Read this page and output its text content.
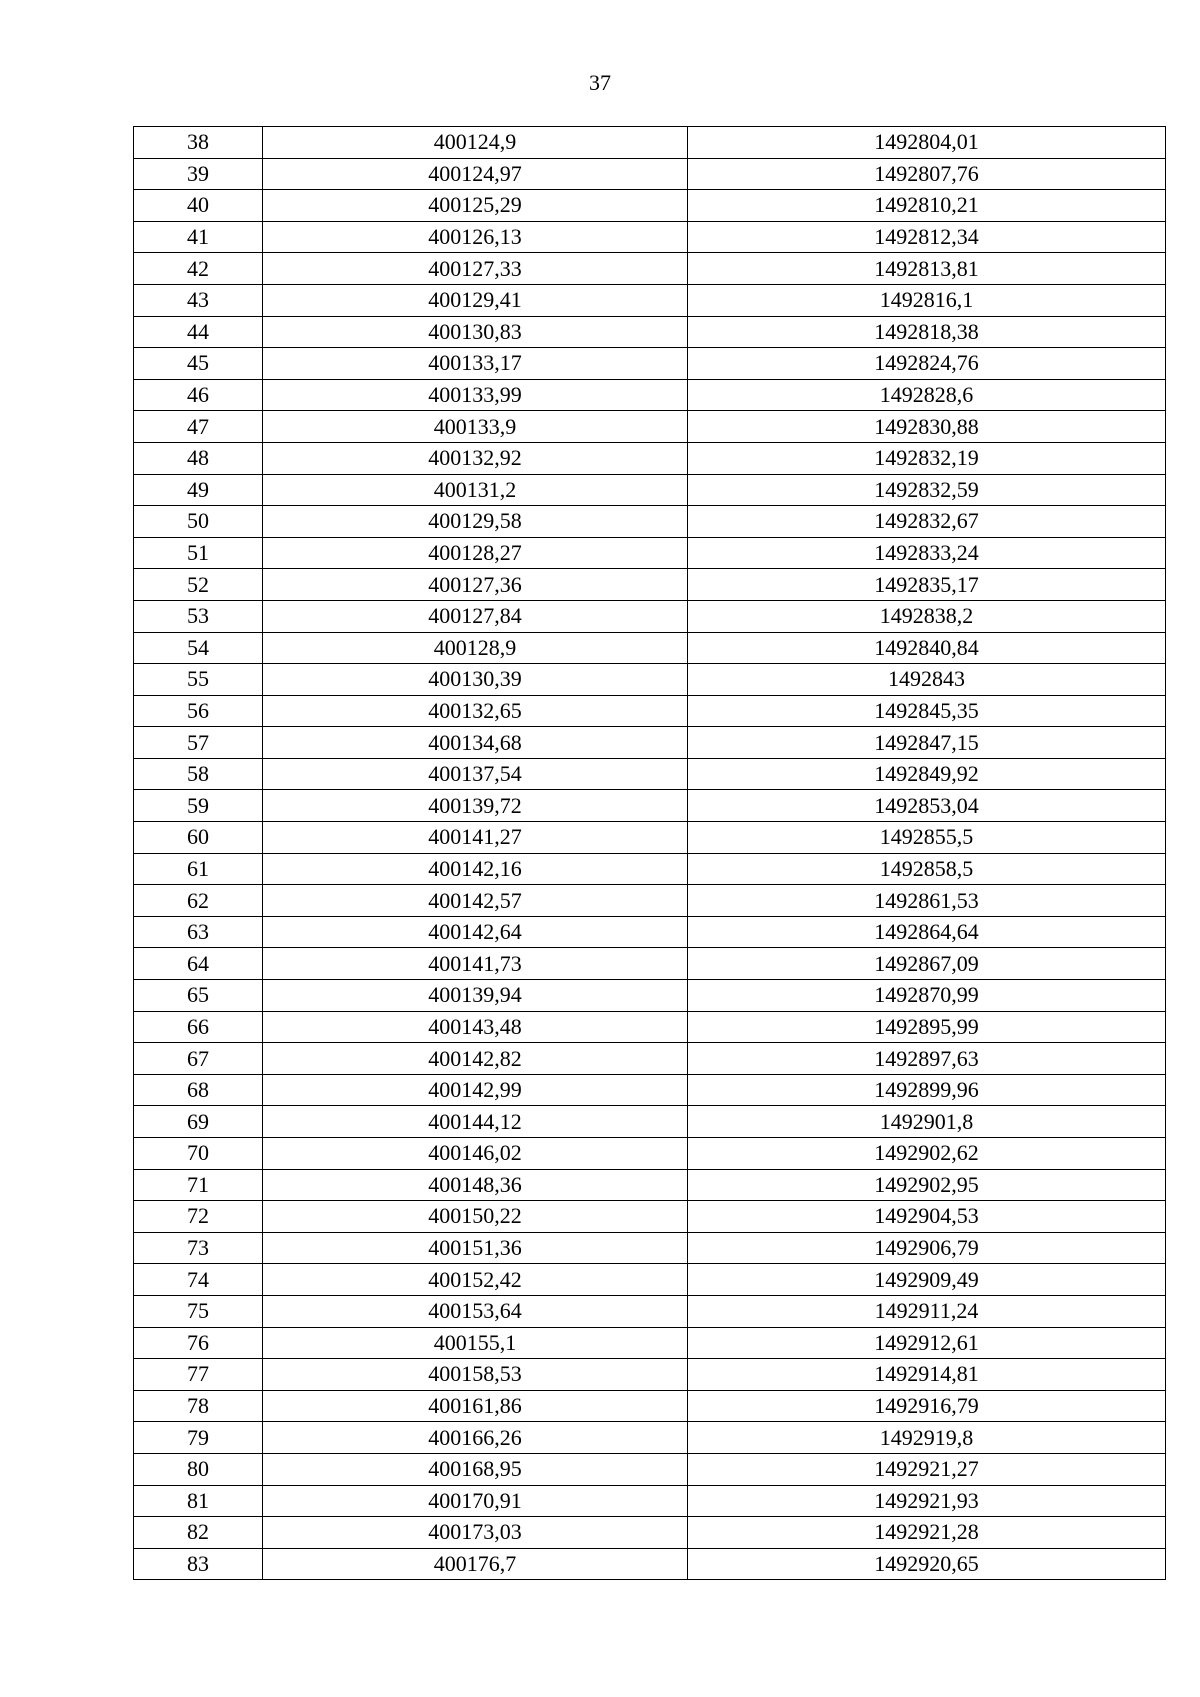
37
38	400124,9	1492804,01
39	400124,97	1492807,76
40	400125,29	1492810,21
41	400126,13	1492812,34
42	400127,33	1492813,81
43	400129,41	1492816,1
44	400130,83	1492818,38
45	400133,17	1492824,76
46	400133,99	1492828,6
47	400133,9	1492830,88
48	400132,92	1492832,19
49	400131,2	1492832,59
50	400129,58	1492832,67
51	400128,27	1492833,24
52	400127,36	1492835,17
53	400127,84	1492838,2
54	400128,9	1492840,84
55	400130,39	1492843
56	400132,65	1492845,35
57	400134,68	1492847,15
58	400137,54	1492849,92
59	400139,72	1492853,04
60	400141,27	1492855,5
61	400142,16	1492858,5
62	400142,57	1492861,53
63	400142,64	1492864,64
64	400141,73	1492867,09
65	400139,94	1492870,99
66	400143,48	1492895,99
67	400142,82	1492897,63
68	400142,99	1492899,96
69	400144,12	1492901,8
70	400146,02	1492902,62
71	400148,36	1492902,95
72	400150,22	1492904,53
73	400151,36	1492906,79
74	400152,42	1492909,49
75	400153,64	1492911,24
76	400155,1	1492912,61
77	400158,53	1492914,81
78	400161,86	1492916,79
79	400166,26	1492919,8
80	400168,95	1492921,27
81	400170,91	1492921,93
82	400173,03	1492921,28
83	400176,7	1492920,65
